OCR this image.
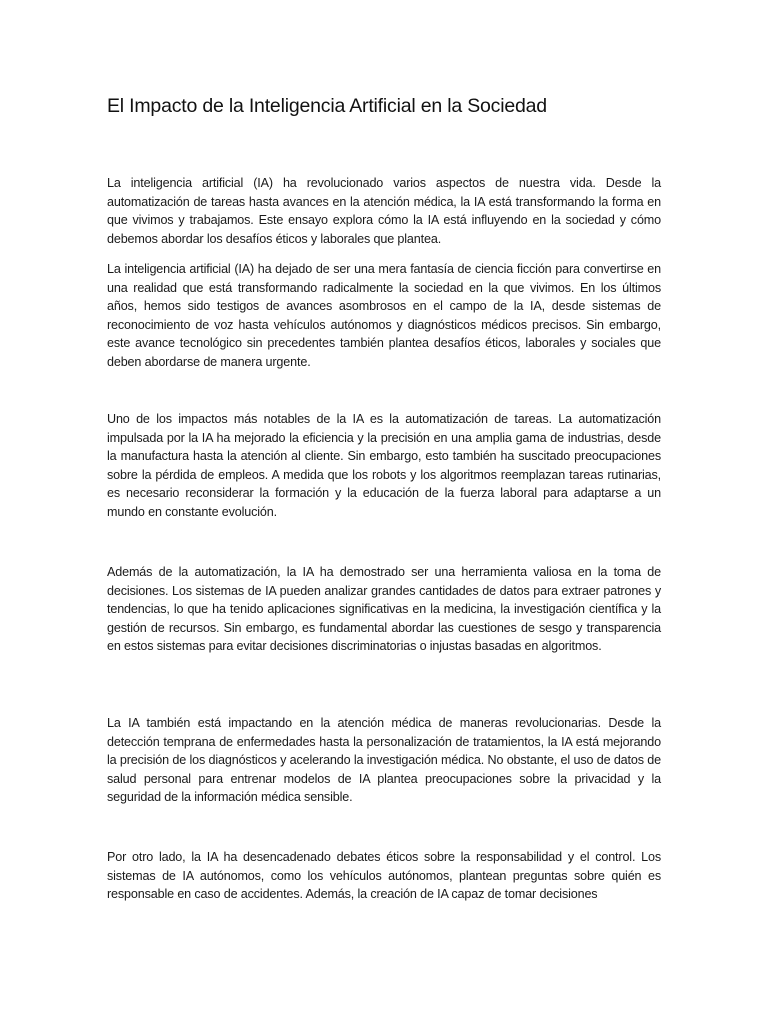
El Impacto de la Inteligencia Artificial en la Sociedad

La inteligencia artificial (IA) ha revolucionado varios aspectos de nuestra vida. Desde la automatización de tareas hasta avances en la atención médica, la IA está transformando la forma en que vivimos y trabajamos. Este ensayo explora cómo la IA está influyendo en la sociedad y cómo debemos abordar los desafíos éticos y laborales que plantea.

La inteligencia artificial (IA) ha dejado de ser una mera fantasía de ciencia ficción para convertirse en una realidad que está transformando radicalmente la sociedad en la que vivimos. En los últimos años, hemos sido testigos de avances asombrosos en el campo de la IA, desde sistemas de reconocimiento de voz hasta vehículos autónomos y diagnósticos médicos precisos. Sin embargo, este avance tecnológico sin precedentes también plantea desafíos éticos, laborales y sociales que deben abordarse de manera urgente.

Uno de los impactos más notables de la IA es la automatización de tareas. La automatización impulsada por la IA ha mejorado la eficiencia y la precisión en una amplia gama de industrias, desde la manufactura hasta la atención al cliente. Sin embargo, esto también ha suscitado preocupaciones sobre la pérdida de empleos. A medida que los robots y los algoritmos reemplazan tareas rutinarias, es necesario reconsiderar la formación y la educación de la fuerza laboral para adaptarse a un mundo en constante evolución.

Además de la automatización, la IA ha demostrado ser una herramienta valiosa en la toma de decisiones. Los sistemas de IA pueden analizar grandes cantidades de datos para extraer patrones y tendencias, lo que ha tenido aplicaciones significativas en la medicina, la investigación científica y la gestión de recursos. Sin embargo, es fundamental abordar las cuestiones de sesgo y transparencia en estos sistemas para evitar decisiones discriminatorias o injustas basadas en algoritmos.

La IA también está impactando en la atención médica de maneras revolucionarias. Desde la detección temprana de enfermedades hasta la personalización de tratamientos, la IA está mejorando la precisión de los diagnósticos y acelerando la investigación médica. No obstante, el uso de datos de salud personal para entrenar modelos de IA plantea preocupaciones sobre la privacidad y la seguridad de la información médica sensible.

Por otro lado, la IA ha desencadenado debates éticos sobre la responsabilidad y el control. Los sistemas de IA autónomos, como los vehículos autónomos, plantean preguntas sobre quién es responsable en caso de accidentes. Además, la creación de IA capaz de tomar decisiones
